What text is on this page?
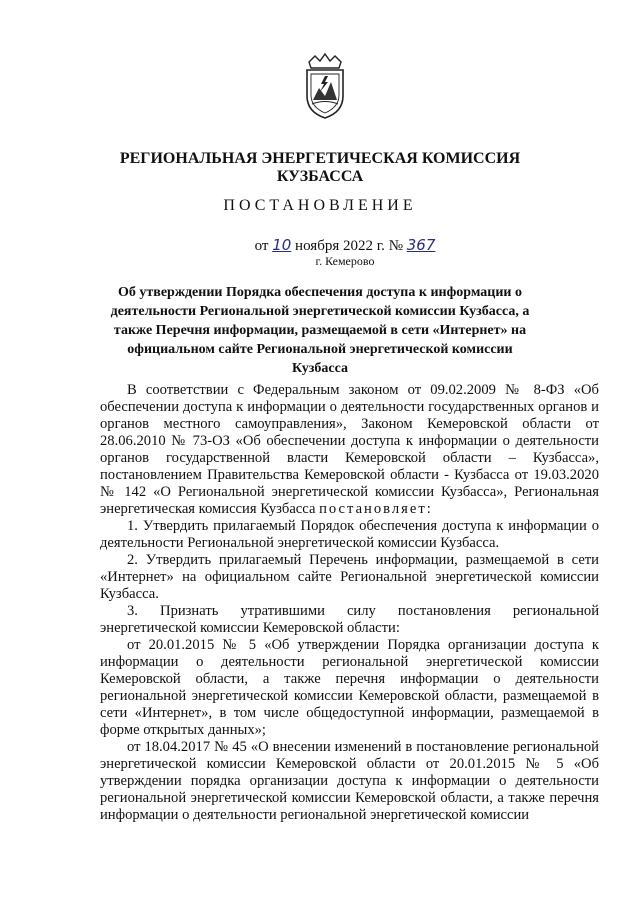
РЕГИОНАЛЬНАЯ ЭНЕРГЕТИЧЕСКАЯ КОМИССИЯ
КУЗБАССА
ПОСТАНОВЛЕНИЕ
от 10 ноября 2022 г. № 367
г. Кемерово
Об утверждении Порядка обеспечения доступа к информации о деятельности Региональной энергетической комиссии Кузбасса, а также Перечня информации, размещаемой в сети «Интернет» на официальном сайте Региональной энергетической комиссии Кузбасса

В соответствии с Федеральным законом от 09.02.2009 № 8-ФЗ «Об обеспечении доступа к информации о деятельности государственных органов и органов местного самоуправления», Законом Кемеровской области от 28.06.2010 № 73-ОЗ «Об обеспечении доступа к информации о деятельности органов государственной власти Кемеровской области – Кузбасса», постановлением Правительства Кемеровской области - Кузбасса от 19.03.2020 № 142 «О Региональной энергетической комиссии Кузбасса», Региональная энергетическая комиссия Кузбасса постановляет:

1. Утвердить прилагаемый Порядок обеспечения доступа к информации о деятельности Региональной энергетической комиссии Кузбасса.

2. Утвердить прилагаемый Перечень информации, размещаемой в сети «Интернет» на официальном сайте Региональной энергетической комиссии Кузбасса.

3. Признать утратившими силу постановления региональной энергетической комиссии Кемеровской области:

от 20.01.2015 № 5 «Об утверждении Порядка организации доступа к информации о деятельности региональной энергетической комиссии Кемеровской области, а также перечня информации о деятельности региональной энергетической комиссии Кемеровской области, размещаемой в сети «Интернет», в том числе общедоступной информации, размещаемой в форме открытых данных»;

от 18.04.2017 № 45 «О внесении изменений в постановление региональной энергетической комиссии Кемеровской области от 20.01.2015 № 5 «Об утверждении порядка организации доступа к информации о деятельности региональной энергетической комиссии Кемеровской области, а также перечня информации о деятельности региональной энергетической комиссии
